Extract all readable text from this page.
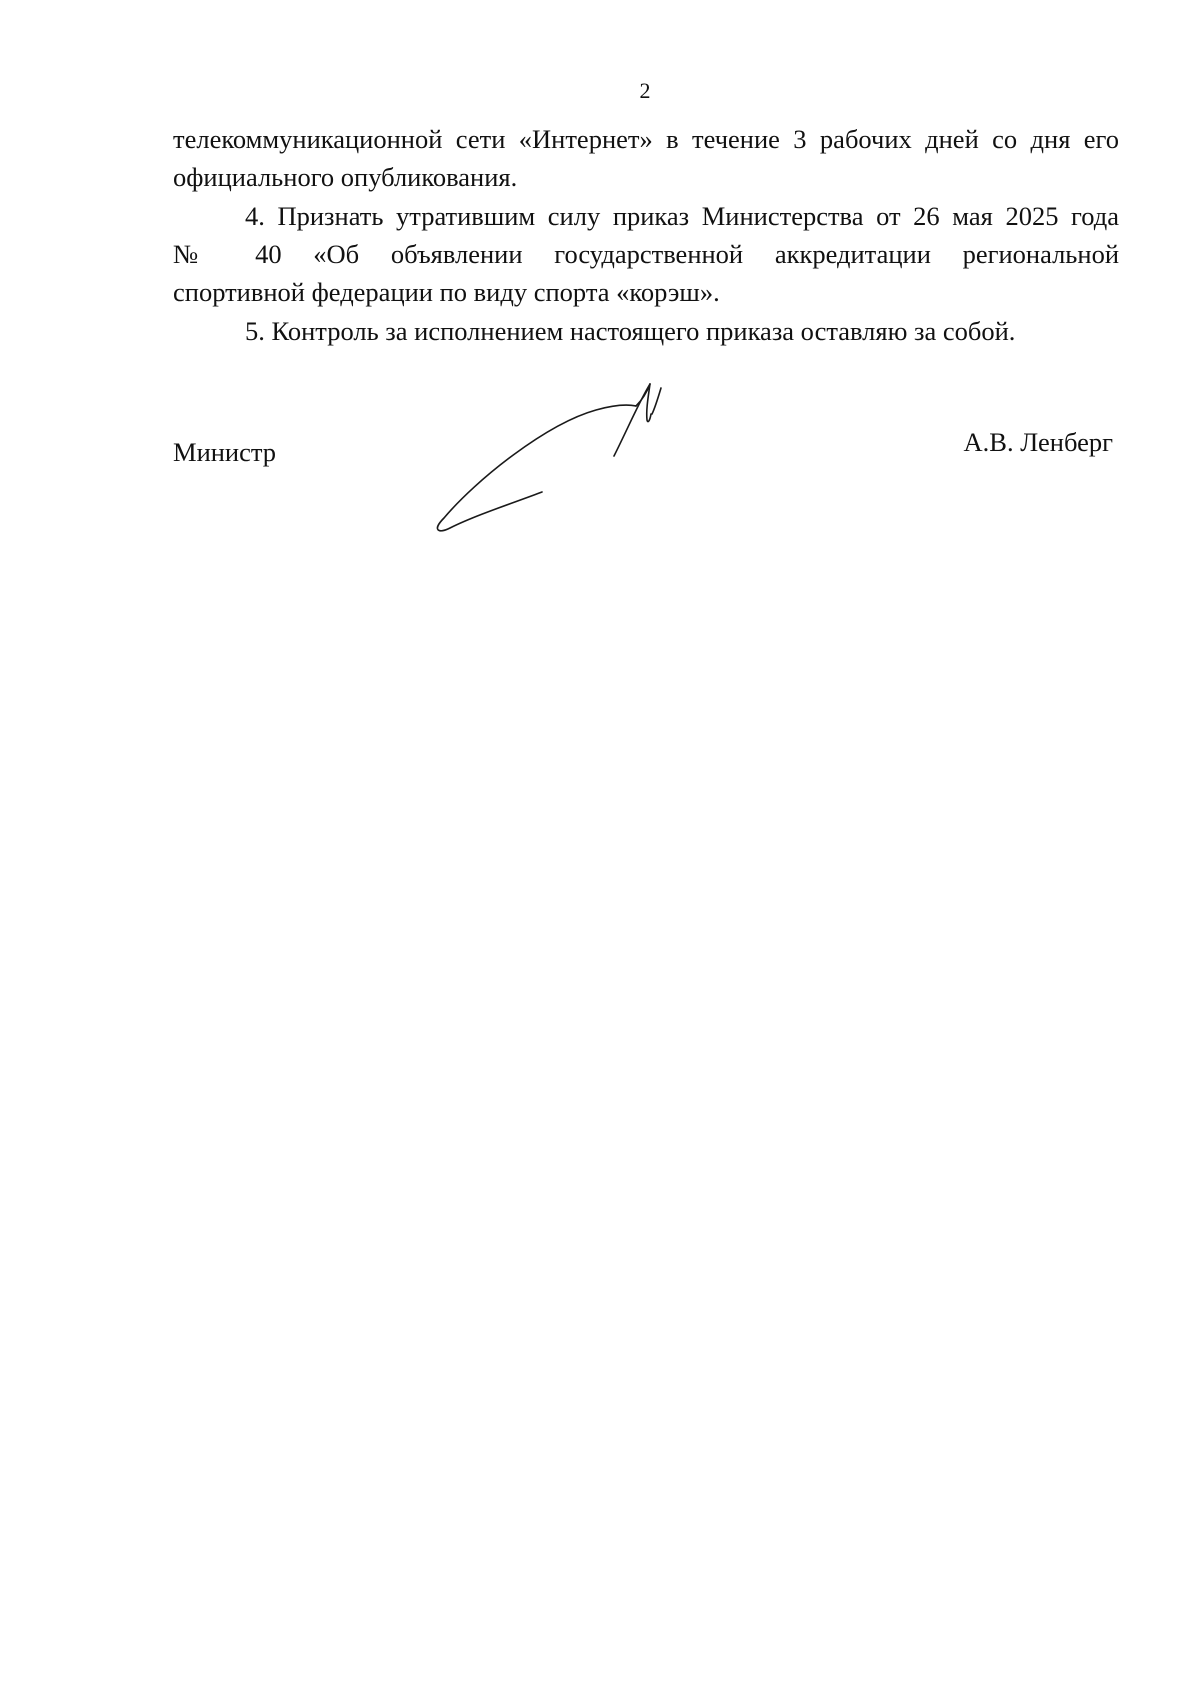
2

телекоммуникационной сети «Интернет» в течение 3 рабочих дней со дня его
официального опубликования.

4. Признать утратившим силу приказ Министерства от 26 мая 2025 года
№ 40 «Об объявлении государственной аккредитации региональной
спортивной федерации по виду спорта «корэш».

5. Контроль за исполнением настоящего приказа оставляю за собой.

Министр	А.В. Ленберг
